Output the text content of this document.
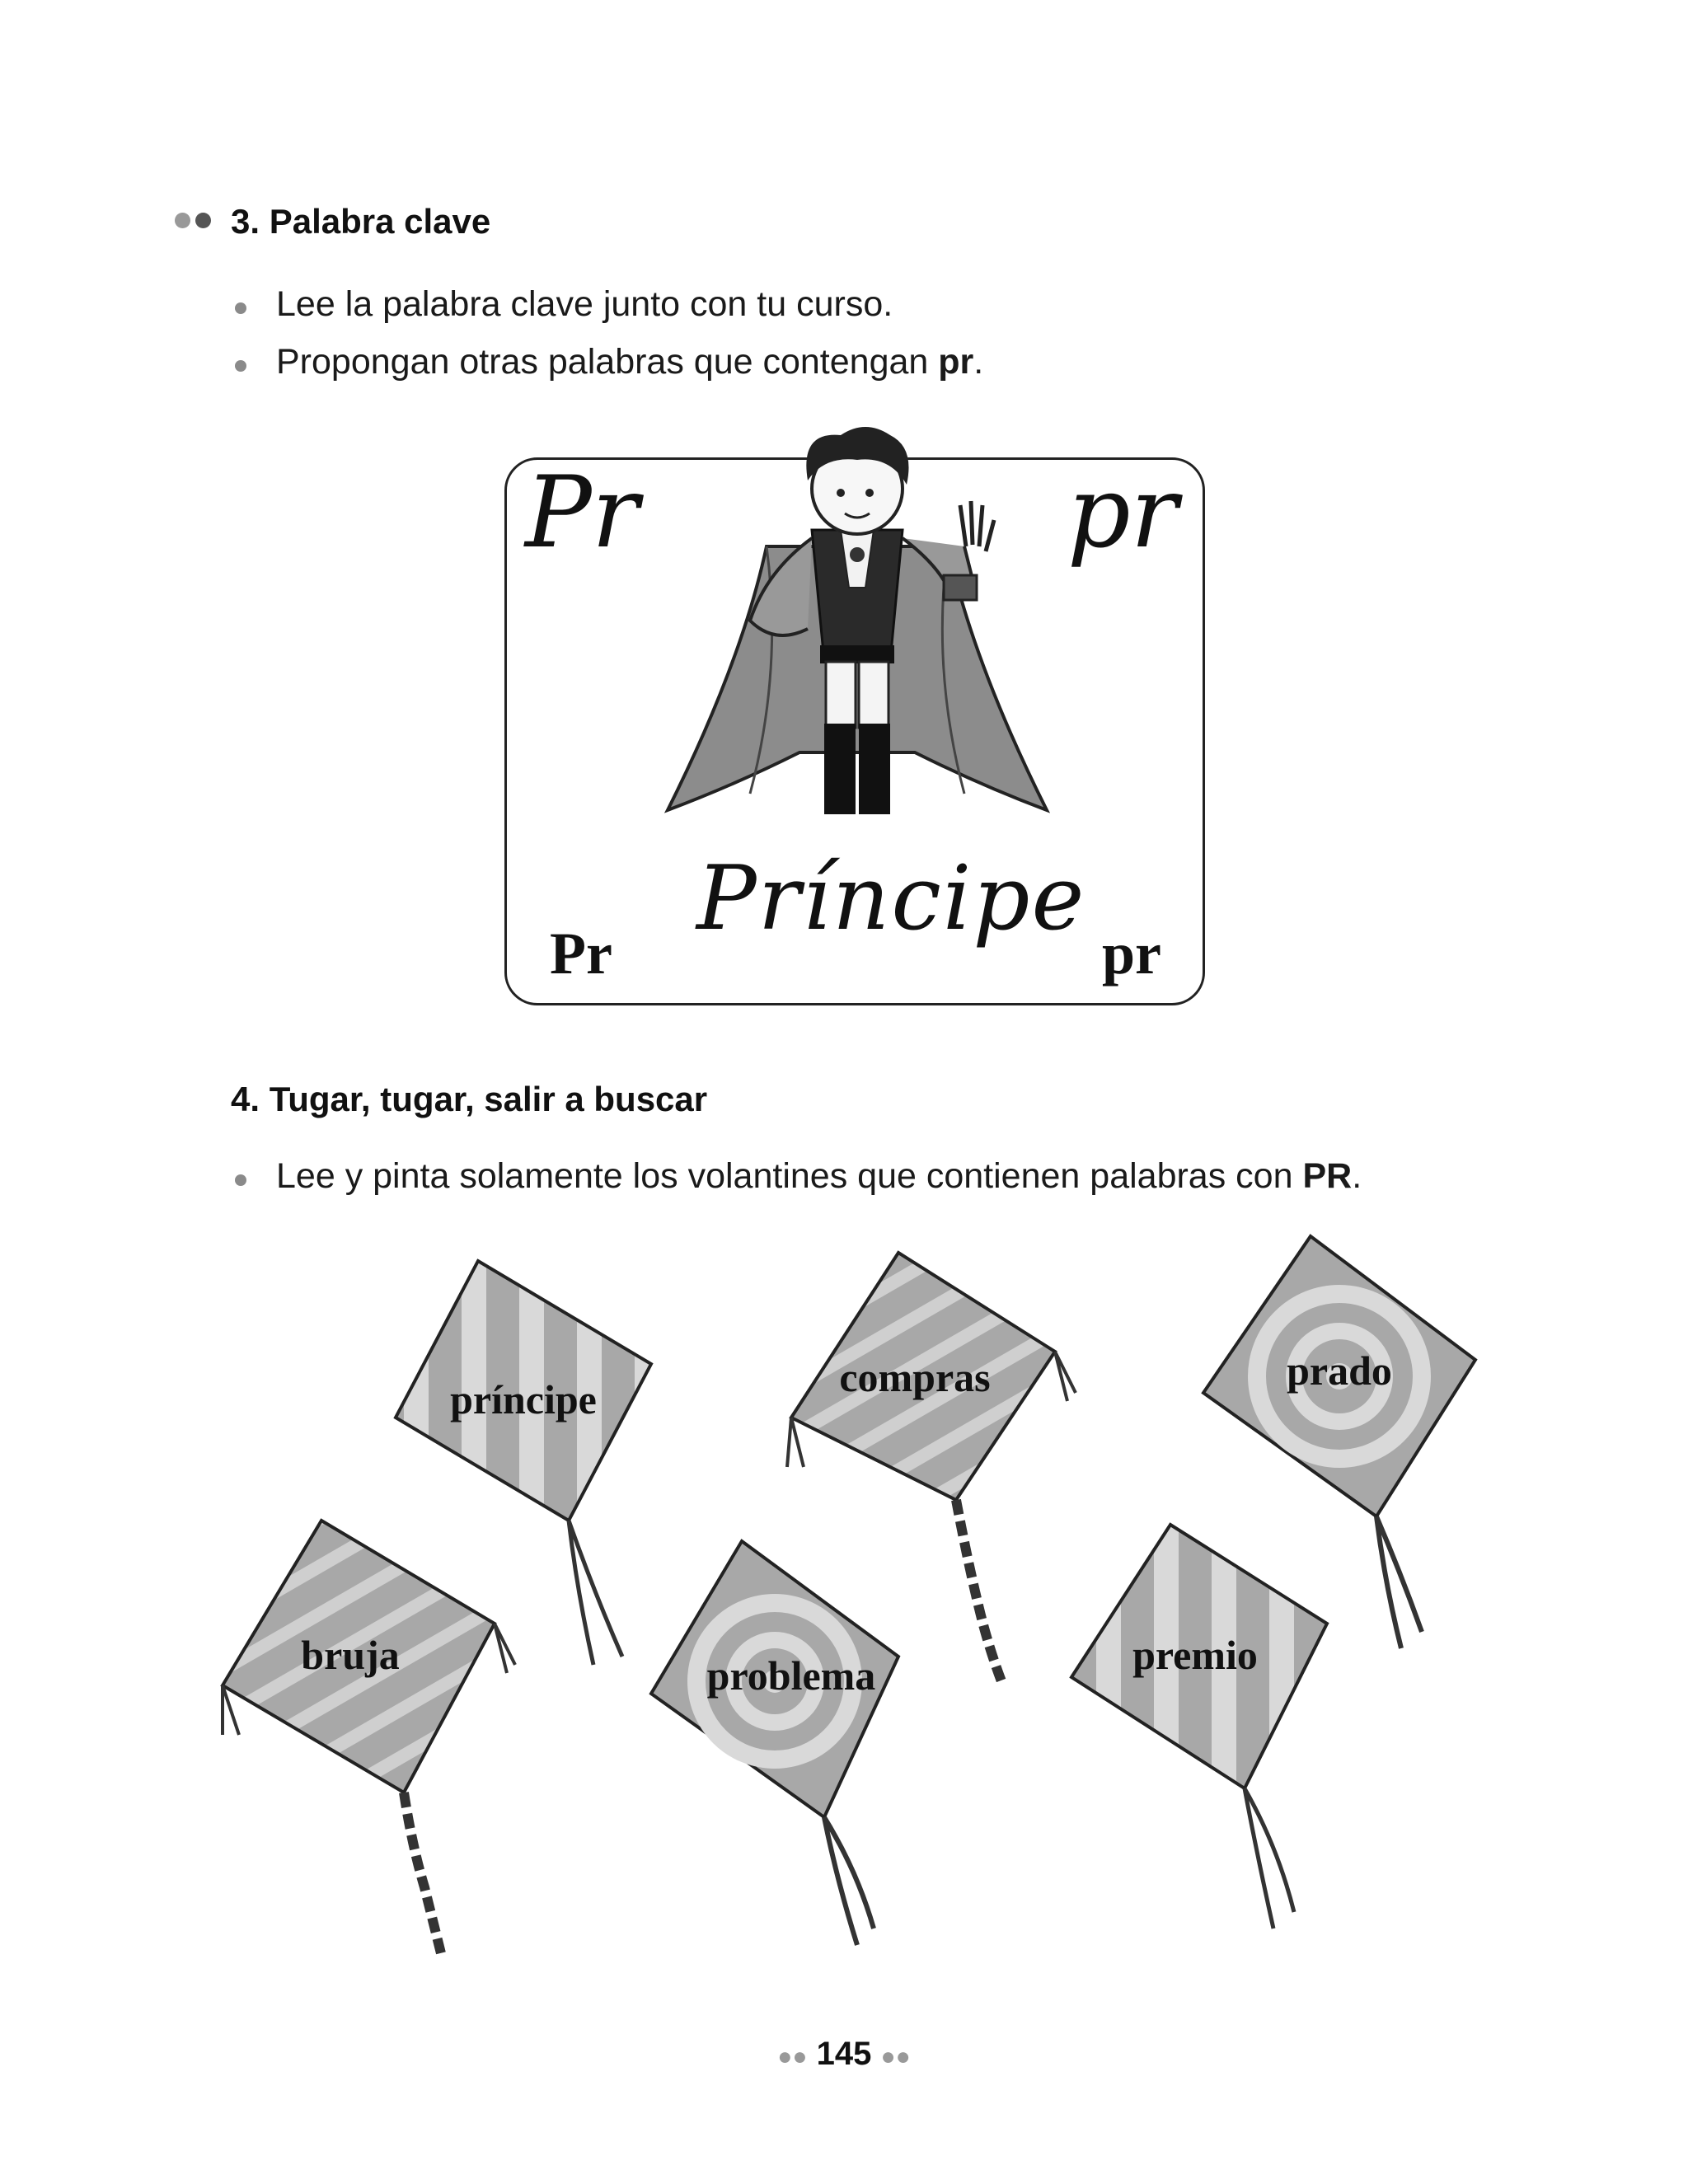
3. Palabra clave
Lee la palabra clave junto con tu curso.
Propongan otras palabras que contengan pr.
Pr	pr
Pr	pr
Príncipe
4. Tugar, tugar, salir a buscar
Lee y pinta solamente los volantines que contienen palabras con PR.
príncipe	compras	prado
bruja	problema	premio
●● 145 ●●
